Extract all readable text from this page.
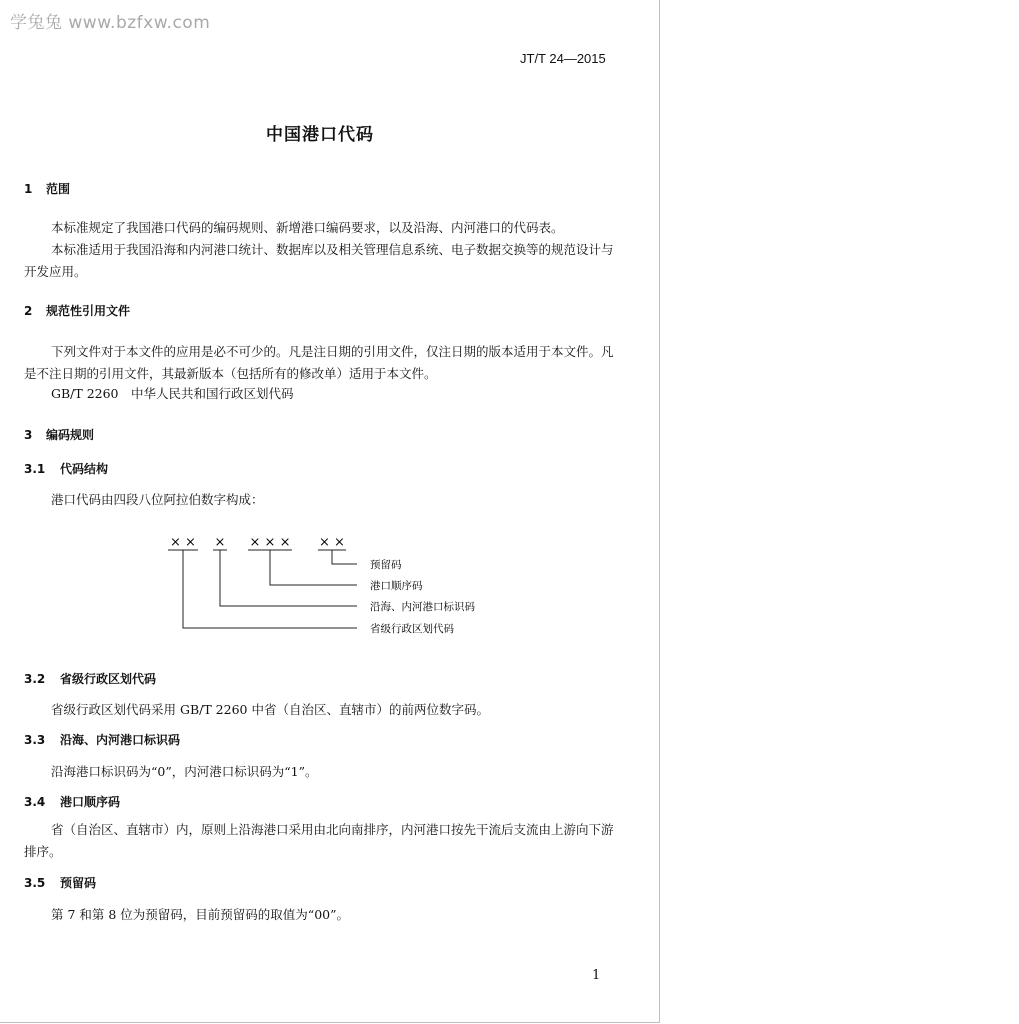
学兔兔 www.bzfxw.com
JT/T 24—2015
中国港口代码
1 范围
本标准规定了我国港口代码的编码规则、新增港口编码要求，以及沿海、内河港口的代码表。
本标准适用于我国沿海和内河港口统计、数据库以及相关管理信息系统、电子数据交换等的规范设计与开发应用。
2 规范性引用文件
下列文件对于本文件的应用是必不可少的。凡是注日期的引用文件，仅注日期的版本适用于本文件。凡是不注日期的引用文件，其最新版本（包括所有的修改单）适用于本文件。
GB/T 2260　中华人民共和国行政区划代码
3 编码规则
3.1 代码结构
港口代码由四段八位阿拉伯数字构成：
× × × × × × × ×
预留码
港口顺序码
沿海、内河港口标识码
省级行政区划代码
3.2 省级行政区划代码
省级行政区划代码采用 GB/T 2260 中省（自治区、直辖市）的前两位数字码。
3.3 沿海、内河港口标识码
沿海港口标识码为“0”，内河港口标识码为“1”。
3.4 港口顺序码
省（自治区、直辖市）内，原则上沿海港口采用由北向南排序，内河港口按先干流后支流由上游向下游排序。
3.5 预留码
第 7 和第 8 位为预留码，目前预留码的取值为“00”。
1
